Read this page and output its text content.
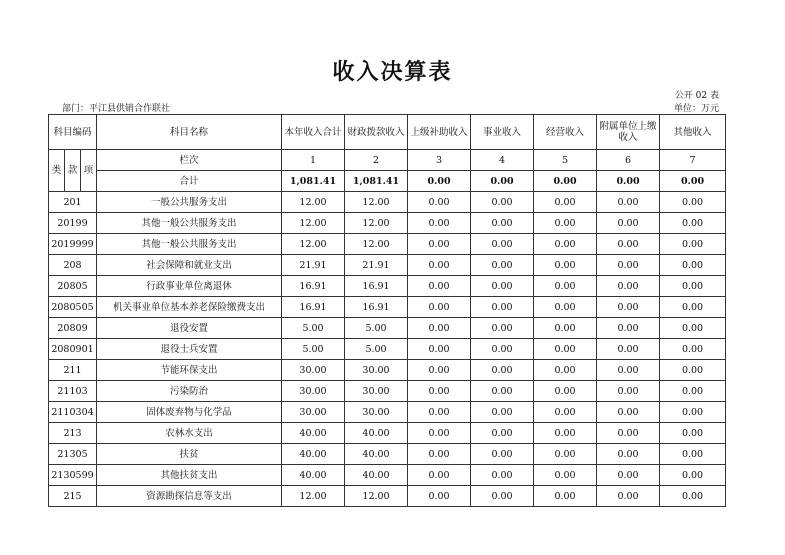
收入决算表
公开 02 表
部门：平江县供销合作联社	单位：万元
科目编码			科目名称	本年收入合计	财政拨款收入	上级补助收入	事业收入	经营收入	附属单位上缴收入	其他收入
类	款	项	栏次	1	2	3	4	5	6	7
			合计	1,081.41	1,081.41	0.00	0.00	0.00	0.00	0.00
201			一般公共服务支出	12.00	12.00	0.00	0.00	0.00	0.00	0.00
20199			其他一般公共服务支出	12.00	12.00	0.00	0.00	0.00	0.00	0.00
2019999			其他一般公共服务支出	12.00	12.00	0.00	0.00	0.00	0.00	0.00
208			社会保障和就业支出	21.91	21.91	0.00	0.00	0.00	0.00	0.00
20805			行政事业单位离退休	16.91	16.91	0.00	0.00	0.00	0.00	0.00
2080505			机关事业单位基本养老保险缴费支出	16.91	16.91	0.00	0.00	0.00	0.00	0.00
20809			退役安置	5.00	5.00	0.00	0.00	0.00	0.00	0.00
2080901			退役士兵安置	5.00	5.00	0.00	0.00	0.00	0.00	0.00
211			节能环保支出	30.00	30.00	0.00	0.00	0.00	0.00	0.00
21103			污染防治	30.00	30.00	0.00	0.00	0.00	0.00	0.00
2110304			固体废弃物与化学品	30.00	30.00	0.00	0.00	0.00	0.00	0.00
213			农林水支出	40.00	40.00	0.00	0.00	0.00	0.00	0.00
21305			扶贫	40.00	40.00	0.00	0.00	0.00	0.00	0.00
2130599			其他扶贫支出	40.00	40.00	0.00	0.00	0.00	0.00	0.00
215			资源勘探信息等支出	12.00	12.00	0.00	0.00	0.00	0.00	0.00
